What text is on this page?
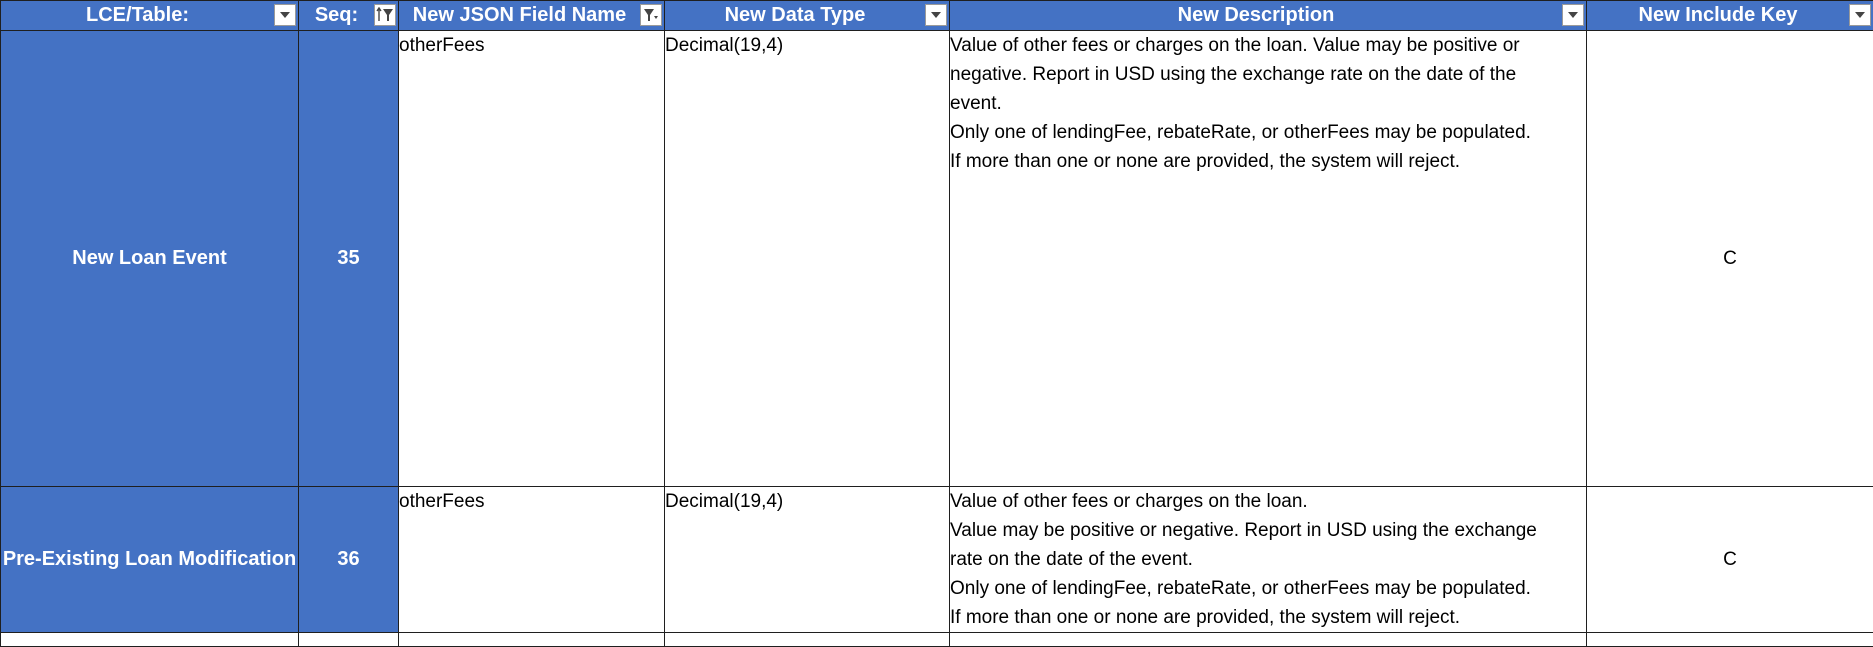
LCE/Table:	Seq:	New JSON Field Name	New Data Type	New Description	New Include Key

New Loan Event	35	otherFees	Decimal(19,4)	Value of other fees or charges on the loan. Value may be positive or
negative. Report in USD using the exchange rate on the date of the
event.
Only one of lendingFee, rebateRate, or otherFees may be populated.
If more than one or none are provided, the system will reject.	C
Pre-Existing Loan Modification	36	otherFees	Decimal(19,4)	Value of other fees or charges on the loan.
Value may be positive or negative. Report in USD using the exchange
rate on the date of the event.
Only one of lendingFee, rebateRate, or otherFees may be populated.
If more than one or none are provided, the system will reject.	C
